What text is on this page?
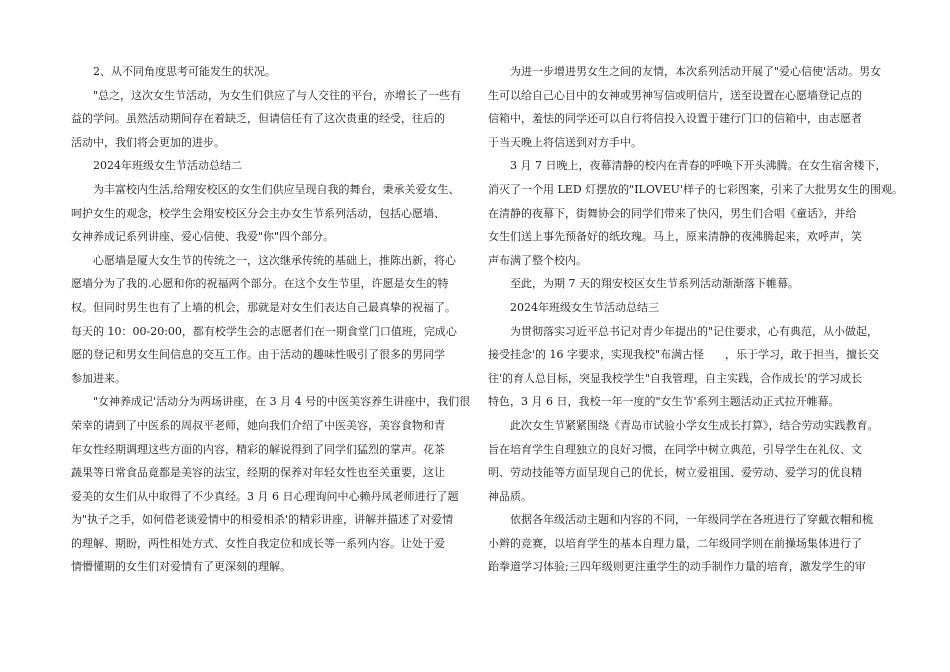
2、从不同角度思考可能发生的状况。
"总之，这次女生节活动，为女生们供应了与人交往的平台，亦增长了一些有
益的学问。虽然活动期间存在着缺乏，但请信任有了这次贵重的经受，往后的
活动中，我们将会更加的进步。
2024年班级女生节活动总结二
为丰富校内生活,给翔安校区的女生们供应呈现自我的舞台，秉承关爱女生、
呵护女生的观念，校学生会翔安校区分会主办女生节系列活动，包括心愿墙、
女神养成记系列讲座、爱心信使、我爱"你"四个部分。
心愿墙是厦大女生节的传统之一，这次继承传统的基础上，推陈出新，将心
愿墙分为了我的.心愿和你的祝福两个部分。在这个女生节里，许愿是女生的特
权。但同时男生也有了上墙的机会，那就是对女生们表达自己最真挚的祝福了。
每天的 10：00-20:00，都有校学生会的志愿者们在一期食堂门口值班，完成心
愿的登记和男女生间信息的交互工作。由于活动的趣味性吸引了很多的男同学
参加进来。
"女神养成记'活动分为两场讲座，在 3 月 4 号的中医美容养生讲座中，我们很
荣幸的请到了中医系的周叔平老师，她向我们介绍了中医美容，美容食物和青
年女性经期调理这些方面的内容，精彩的解说得到了同学们猛烈的掌声。花茶
蔬果等日常食品竟都是美容的法宝，经期的保养对年轻女性也至关重要，这让
爱美的女生们从中取得了不少真经。3 月 6 日心理询问中心赖丹凤老师进行了题
为"执子之手，如何借老谈爱情中的相爱相杀'的精彩讲座，讲解并描述了对爱情
的理解、期盼，两性相处方式、女性自我定位和成长等一系列内容。让处于爱
情懵懂期的女生们对爱情有了更深刻的理解。
为进一步增进男女生之间的友情，本次系列活动开展了"爱心信使'活动。男女
生可以给自己心目中的女神或男神写信或明信片，送至设置在心愿墙登记点的
信箱中，羞怯的同学还可以自行将信投入设置于建行门口的信箱中，由志愿者
于当天晚上将信送到对方手中。
3 月 7 日晚上，夜幕清静的校内在青春的呼唤下开头沸腾。在女生宿舍楼下，
消灭了一个用 LED 灯摆放的"ILOVEU'样子的七彩图案，引来了大批男女生的围观。
在清静的夜幕下，街舞协会的同学们带来了快闪，男生们合唱《童话》，并给
女生们送上事先预备好的纸玫瑰。马上，原来清静的夜沸腾起来，欢呼声，笑
声布满了整个校内。
至此，为期 7 天的翔安校区女生节系列活动渐渐落下帷幕。
2024年班级女生节活动总结三
为贯彻落实习近平总书记对青少年提出的"记住要求，心有典范，从小做起，
接受挂念'的 16 字要求，实现我校"布满古怪      ，乐于学习，敢于担当，擅长交
往'的育人总目标，突显我校学生"自我管理，自主实践，合作成长'的学习成长
特色，3 月 6 日，我校一年一度的"女生节'系列主题活动正式拉开帷幕。
此次女生节紧紧围绕《青岛市试验小学女生成长打算》，结合劳动实践教育。
旨在培育学生自理独立的良好习惯，在同学中树立典范，引导学生在礼仪、文
明、劳动技能等方面呈现自己的优长，树立爱祖国、爱劳动、爱学习的优良精
神品质。
依据各年级活动主题和内容的不同，一年级同学在各班进行了穿戴衣帽和梳
小辫的竞赛，以培育学生的基本自理力量，二年级同学则在前操场集体进行了
跆拳道学习体验;三四年级则更注重学生的动手制作力量的培育，激发学生的审
